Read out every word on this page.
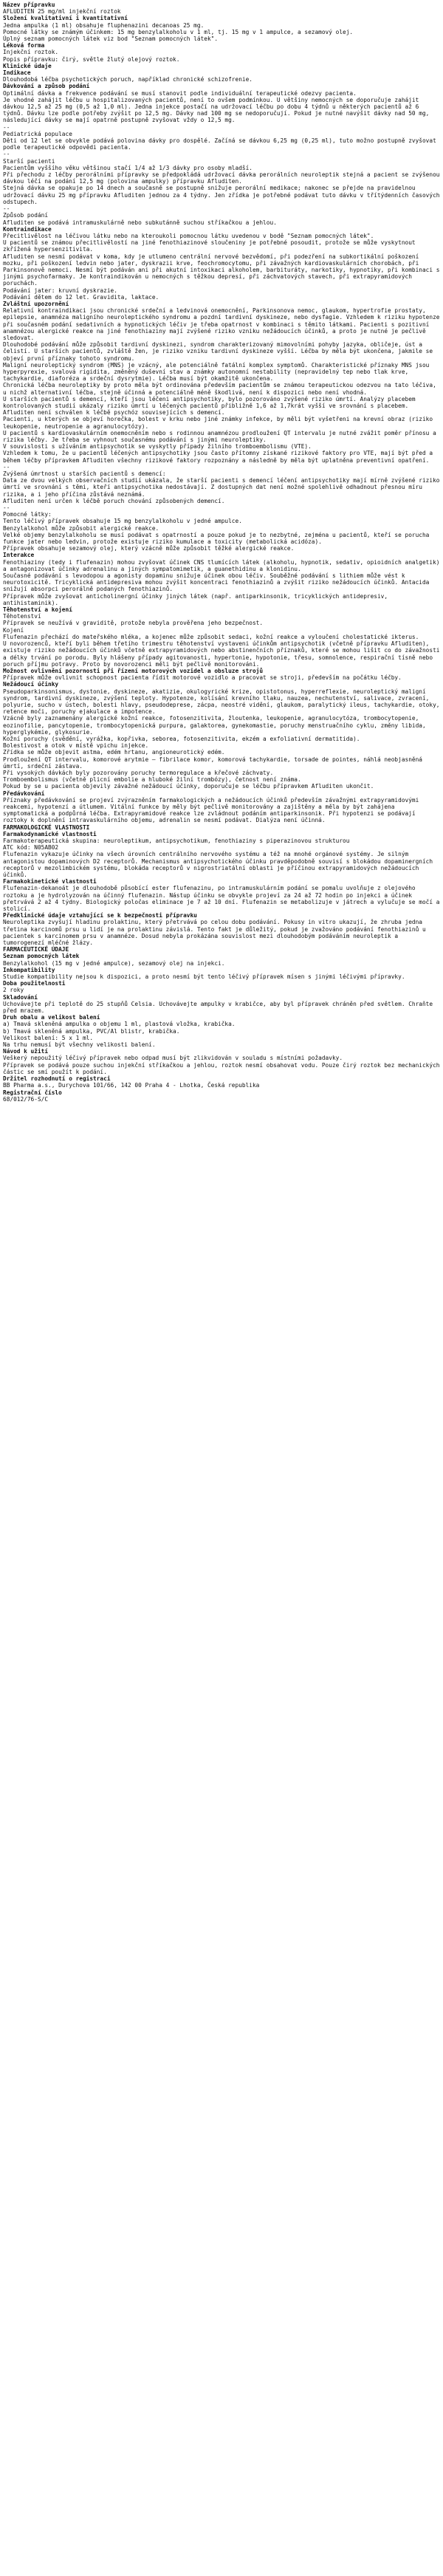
Název přípravku
AFLUDITEN 25 mg/ml injekční roztok
Složení kvalitativní i kvantitativní
Jedna ampulka (1 ml) obsahuje fluphenazini decanoas 25 mg.
Pomocné látky se známým účinkem: 15 mg benzylalkoholu v 1 ml, tj. 15 mg v 1 ampulce, a sezamový olej.
Úplný seznam pomocných látek viz bod "Seznam pomocných látek".
Léková forma
Injekční roztok.
Popis přípravku: čirý, světle žlutý olejový roztok.
Klinické údaje
Indikace
Dlouhodobá léčba psychotických poruch, například chronické schizofrenie.
Dávkování a způsob podání
Optimální dávka a frekvence podávání se musí stanovit podle individuální terapeutické odezvy pacienta.
Je vhodné zahájit léčbu u hospitalizovaných pacientů, není to ovšem podmínkou. U většiny nemocných se doporučuje zahájit dávkou 12,5 až 25 mg (0,5 až 1,0 ml). Jedna injekce postačí na udržovací léčbu po dobu 4 týdnů u některých pacientů až 6 týdnů. Dávku lze podle potřeby zvýšit po 12,5 mg. Dávky nad 100 mg se nedoporučují. Pokud je nutné navýšit dávky nad 50 mg, následující dávky se mají opatrně postupně zvyšovat vždy o 12,5 mg.
--
Pediatrická populace
Děti od 12 let se obvykle podává polovina dávky pro dospělé. Začíná se dávkou 6,25 mg (0,25 ml), tuto možno postupně zvyšovat podle terapeutické odpovědi pacienta.
--
Starší pacienti
Pacientům vyššího věku většinou stačí 1/4 až 1/3 dávky pro osoby mladší.
Při přechodu z léčby perorálními přípravky se předpokládá udržovací dávka perorálních neuroleptik stejná a pacient se zvýšenou dávkou léčí na podání 12,5 mg (polovina ampulky) přípravku Afluditen.
Stejná dávka se opakuje po 14 dnech a současně se postupně snižuje perorální medikace; nakonec se přejde na pravidelnou udržovací dávku 25 mg přípravku Afluditen jednou za 4 týdny. Jen zřídka je potřebné podávat tuto dávku v třítýdenních časových odstupech.
--
Způsob podání
Afluditen se podává intramuskulárně nebo subkutánně suchou stříkačkou a jehlou.
Kontraindikace
Přecitlivělost na léčivou látku nebo na kteroukoli pomocnou látku uvedenou v bodě "Seznam pomocných látek".
U pacientů se známou přecitlivělostí na jiné fenothiazinové sloučeniny je potřebné posoudit, protože se může vyskytnout zkřížená hypersenzitivita.
Afluditen se nesmí podávat v koma, kdy je utlumeno centrální nervové bezvědomí, při podezření na subkortikální poškození mozku, při poškození ledvin nebo jater, dyskrazii krve, feochromocytomu, při závažných kardiovaskulárních chorobách, při Parkinsonově nemoci. Nesmí být podáván ani při akutní intoxikaci alkoholem, barbituráty, narkotiky, hypnotiky, při kombinaci s jinými psychofarmaky. Je kontraindikován u nemocných s těžkou depresí, při záchvatových stavech, při extrapyramidových poruchách.
Podávání jater: kruvní dyskrazie.
Podávání dětem do 12 let. Gravidita, laktace.
Zvláštní upozornění
Relativní kontraindikaci jsou chronické srdeční a ledvinová onemocnění, Parkinsonova nemoc, glaukom, hypertrofie prostaty, epilepsie, anamnéza maligního neuroleptického syndromu a pozdní tardivní dyskineze, nebo dysfagie. Vzhledem k riziku hypotenze při současném podání sedativních a hypnotických léčiv je třeba opatrnost v kombinaci s těmito látkami. Pacienti s pozitivní anamnézou alergické reakce na jiné fenothiaziny mají zvýšené riziko vzniku nežádoucích účinků, a proto je nutné je pečlivě sledovat.
Dlouhodobé podávání může způsobit tardivní dyskinezi, syndrom charakterizovaný mimovolními pohyby jazyka, obličeje, úst a čelistí. U starších pacientů, zvláště žen, je riziko vzniku tardivní dyskineze vyšší. Léčba by měla být ukončena, jakmile se objeví první příznaky tohoto syndromu.
Maligní neuroleptický syndrom (MNS) je vzácný, ale potenciálně fatální komplex symptomů. Charakteristické příznaky MNS jsou hyperpyrexie, svalová rigidita, změněný duševní stav a známky autonomní nestability (nepravidelný tep nebo tlak krve, tachykardie, diaforéza a srdeční dysrytmie). Léčba musí být okamžitě ukončena.
Chronická léčba neuroleptiky by proto měla být ordinována především pacientům se známou terapeutickou odezvou na tato léčiva, u nichž alternativní léčba, stejně účinná a potenciálně méně škodlivá, není k dispozici nebo není vhodná.
U starších pacientů s demencí, kteří jsou léčeni antipsychotiky, bylo pozorováno zvýšené riziko úmrtí. Analýzy placebem kontrolovaných studií ukázaly riziko úmrtí u léčených pacientů přibližně 1,6 až 1,7krát vyšší ve srovnání s placebem. Afluditen není schválen k léčbě psychóz souvisejících s demencí.
Pacienti, u kterých se objeví horečka, bolest v krku nebo jiné známky infekce, by měli být vyšetřeni na krevní obraz (riziko leukopenie, neutropenie a agranulocytózy).
U pacientů s kardiovaskulárním onemocněním nebo s rodinnou anamnézou prodloužení QT intervalu je nutné zvážit poměr přínosu a rizika léčby. Je třeba se vyhnout současnému podávání s jinými neuroleptiky.
V souvislosti s užíváním antipsychotik se vyskytly případy žilního tromboembolismu (VTE).
Vzhledem k tomu, že u pacientů léčených antipsychotiky jsou často přítomny získané rizikové faktory pro VTE, mají být před a během léčby přípravkem Afluditen všechny rizikové faktory rozpoznány a následně by měla být uplatněna preventivní opatření.
--
Zvýšená úmrtnost u starších pacientů s demencí:
Data ze dvou velkých observačních studií ukázala, že starší pacienti s demencí léčení antipsychotiky mají mírně zvýšené riziko úmrtí ve srovnání s těmi, kteří antipsychotika nedostávají. Z dostupných dat není možné spolehlivě odhadnout přesnou míru rizika, a i jeho příčina zůstává neznámá.
Afluditen není určen k léčbě poruch chování způsobených demencí.
--
Pomocné látky:
Tento léčivý přípravek obsahuje 15 mg benzylalkoholu v jedné ampulce.
Benzylalkohol může způsobit alergické reakce.
Velké objemy benzylalkoholu se musí podávat s opatrností a pouze pokud je to nezbytné, zejména u pacientů, kteří se porucha funkce jater nebo ledvin, protože existuje riziko kumulace a toxicity (metabolická acidóza).
Přípravek obsahuje sezamový olej, který vzácně může způsobit těžké alergické reakce.
Interakce
Fenothiaziny (tedy i flufenazin) mohou zvyšovat účinek CNS tlumících látek (alkoholu, hypnotik, sedativ, opioidních analgetik) a antagonizovat účinky adrenalinu a jiných sympatomimetik, a guanethidinu a klonidinu.
Současné podávání s levodopou a agonisty dopaminu snižuje účinek obou léčiv. Souběžné podávání s lithiem může vést k neurotoxicitě. Tricyklická antidepresiva mohou zvýšit koncentraci fenothiazinů a zvýšit riziko nežádoucích účinků. Antacida snižují absorpci perorálně podaných fenothiazinů.
Přípravek může zvyšovat anticholinergní účinky jiných látek (např. antiparkinsonik, tricyklických antidepresiv, antihistaminik).
Těhotenství a kojení
Těhotenství
Přípravek se neužívá v graviditě, protože nebyla prověřena jeho bezpečnost.
Kojení
Flufenazin přechází do mateřského mléka, a kojenec může způsobit sedaci, kožní reakce a vyloučení cholestatické ikterus.
U novorozenců, kteří byli během třetího trimestru těhotenství vystaveni účinkům antipsychotik (včetně přípravku Afluditen), existuje riziko nežádoucích účinků včetně extrapyramidových nebo abstinenčních příznaků, které se mohou lišit co do závažnosti a délky trvání po porodu. Byly hlášeny případy agitovanosti, hypertonie, hypotonie, třesu, somnolence, respirační tísně nebo poruch příjmu potravy. Proto by novorozenci měli být pečlivě monitorováni.
Možnost ovlivnění pozornosti při řízení motorových vozidel a obsluze strojů
Přípravek může ovlivnit schopnost pacienta řídit motorové vozidlo a pracovat se stroji, především na počátku léčby.
Nežádoucí účinky
Pseudoparkinsonismus, dystonie, dyskineze, akatizie, okulogyrické krize, opistotonus, hyperreflexie, neuroleptický maligní syndrom, tardivní dyskineze, zvýšení teploty. Hypotenze, kolísání krevního tlaku, nauzea, nechutenství, salivace, zvracení, polyurie, sucho v ústech, bolesti hlavy, pseudodeprese, zácpa, neostré vidění, glaukom, paralytický ileus, tachykardie, otoky, retence moči, poruchy ejakulace a impotence.
Vzácně byly zaznamenány alergické kožní reakce, fotosenzitivita, žloutenka, leukopenie, agranulocytóza, trombocytopenie, eozinofilie, pancytopenie, trombocytopenická purpura, galaktorea, gynekomastie, poruchy menstruačního cyklu, změny libida, hyperglykémie, glykosurie.
Kožní poruchy (svědění, vyrážka, kopřivka, seborea, fotosenzitivita, ekzém a exfoliativní dermatitida).
Bolestivost a otok v místě vpichu injekce.
Zřídka se může objevit astma, edém hrtanu, angioneurotický edém.
Prodloužení QT intervalu, komorové arytmie – fibrilace komor, komorová tachykardie, torsade de pointes, náhlá neobjasněná úmrtí, srdeční zástava.
Při vysokých dávkách byly pozorovány poruchy termoregulace a křečové záchvaty.
Tromboembolismus (včetně plicní embolie a hluboké žilní trombózy), četnost není známa.
Pokud by se u pacienta objevily závažné nežádoucí účinky, doporučuje se léčbu přípravkem Afluditen ukončit.
Předávkování
Příznaky předávkování se projeví zvýrazněním farmakologických a nežádoucích účinků především závažnými extrapyramidovými reakcemi, hypotenzí a útlumem. Vitální funkce by měly být pečlivě monitorovány a zajištěny a měla by být zahájena symptomatická a podpůrná léčba. Extrapyramidové reakce lze zvládnout podáním antiparkinsonik. Při hypotenzi se podávají roztoky k doplnění intravaskulárního objemu, adrenalin se nesmí podávat. Dialýza není účinná.
FARMAKOLOGICKÉ VLASTNOSTI
Farmakodynamické vlastnosti
Farmakoterapeutická skupina: neuroleptikum, antipsychotikum, fenothiaziny s piperazinovou strukturou
ATC kód: N05AB02
Flufenazin vykazuje účinky na všech úrovních centrálního nervového systému a též na mnohé orgánové systémy. Je silným antagonistou dopaminových D2 receptorů. Mechanismus antipsychotického účinku pravděpodobně souvisí s blokádou dopaminergních receptorů v mezolimbickém systému, blokáda receptorů v nigrostriatální oblasti je příčinou extrapyramidových nežádoucích účinků.
Farmakokinetické vlastnosti
Flufenazin-dekanoát je dlouhodobě působící ester flufenazinu, po intramuskulárním podání se pomalu uvolňuje z olejového roztoku a je hydrolyzován na účinný flufenazin. Nástup účinku se obvykle projeví za 24 až 72 hodin po injekci a účinek přetrvává 2 až 4 týdny. Biologický poločas eliminace je 7 až 10 dní. Flufenazin se metabolizuje v játrech a vylučuje se močí a stolicí.
Předklinické údaje vztahující se k bezpečnosti přípravku
Neuroleptika zvyšují hladinu prolaktinu, který přetrvává po celou dobu podávání. Pokusy in vitro ukazují, že zhruba jedna třetina karcinomů prsu u lidí je na prolaktinu závislá. Tento fakt je důležitý, pokud je zvažováno podávání fenothiazinů u pacientek s karcinomem prsu v anamnéze. Dosud nebyla prokázána souvislost mezi dlouhodobým podáváním neuroleptik a tumorogenezí mléčné žlázy.
FARMACEUTICKÉ ÚDAJE
Seznam pomocných látek
Benzylalkohol (15 mg v jedné ampulce), sezamový olej na injekci.
Inkompatibility
Studie kompatibility nejsou k dispozici, a proto nesmí být tento léčivý přípravek mísen s jinými léčivými přípravky.
Doba použitelnosti
2 roky
Skladování
Uchovávejte při teplotě do 25 stupňů Celsia. Uchovávejte ampulky v krabičce, aby byl přípravek chráněn před světlem. Chraňte před mrazem.
Druh obalu a velikost balení
a) Tmavá skleněná ampulka o objemu 1 ml, plastová vložka, krabička.
b) Tmavá skleněná ampulka, PVC/Al blistr, krabička.
Velikost balení: 5 x 1 ml.
Na trhu nemusí být všechny velikosti balení.
Návod k užití
Veškerý nepoužitý léčivý přípravek nebo odpad musí být zlikvidován v souladu s místními požadavky.
Přípravek se podává pouze suchou injekční stříkačkou a jehlou, roztok nesmí obsahovat vodu. Pouze čirý roztok bez mechanických částic se smí použít k podání.
Držitel rozhodnutí o registraci
BB Pharma a.s., Durychova 101/66, 142 00 Praha 4 - Lhotka, Česká republika
Registrační číslo
68/012/76-S/C
